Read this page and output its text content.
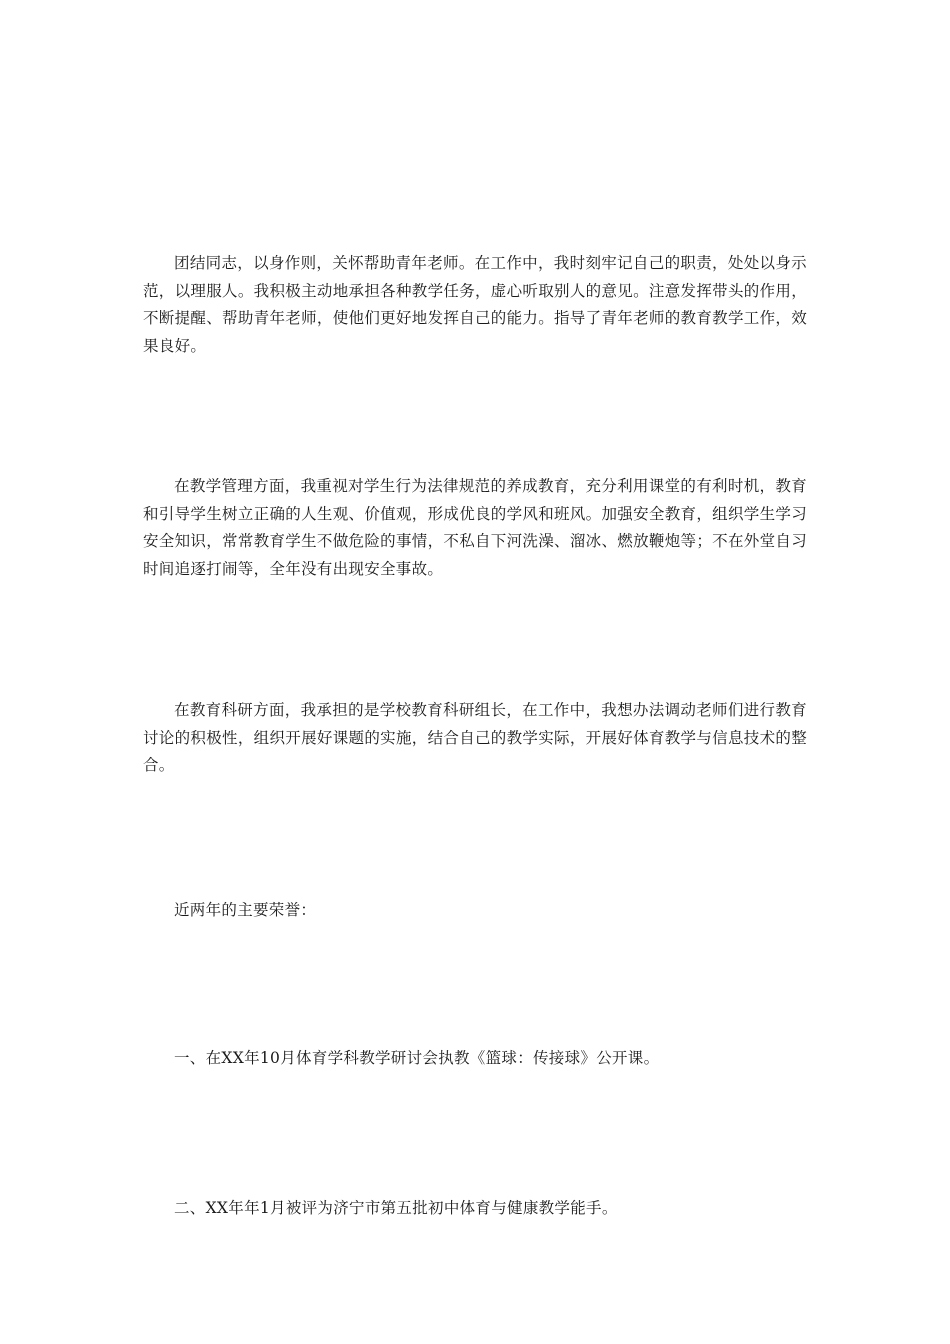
团结同志，以身作则，关怀帮助青年老师。在工作中，我时刻牢记自己的职责，处处以身示范，以理服人。我积极主动地承担各种教学任务，虚心听取别人的意见。注意发挥带头的作用，不断提醒、帮助青年老师，使他们更好地发挥自己的能力。指导了青年老师的教育教学工作，效果良好。

在教学管理方面，我重视对学生行为法律规范的养成教育，充分利用课堂的有利时机，教育和引导学生树立正确的人生观、价值观，形成优良的学风和班风。加强安全教育，组织学生学习安全知识，常常教育学生不做危险的事情，不私自下河洗澡、溜冰、燃放鞭炮等；不在外堂自习时间追逐打闹等，全年没有出现安全事故。

在教育科研方面，我承担的是学校教育科研组长，在工作中，我想办法调动老师们进行教育讨论的积极性，组织开展好课题的实施，结合自己的教学实际，开展好体育教学与信息技术的整合。

近两年的主要荣誉：

一、在XX年10月体育学科教学研讨会执教《篮球：传接球》公开课。

二、XX年年1月被评为济宁市第五批初中体育与健康教学能手。
